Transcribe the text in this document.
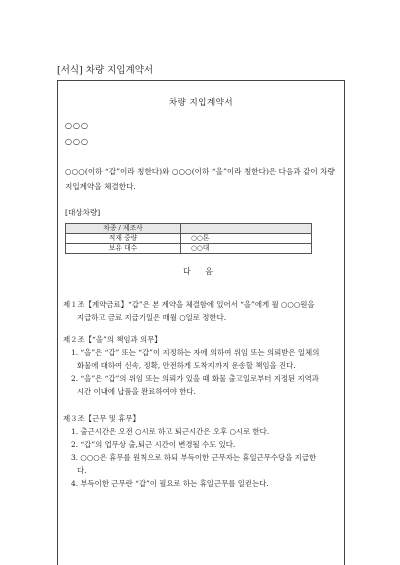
[서식] 차량 지입계약서
차량 지입계약서
○○○
○○○
○○○(이하 “갑”이라 칭한다)와 ○○○(이하 “을”이라 칭한다)은 다음과 같이 차량지입계약을 체결한다.
[대상차량]
차종 / 제조사	
적재 중량	○○톤
보유 대수	○○대
다 음
제１조【계약금료】“갑”은 본 계약을 체결함에 있어서 “을”에게 월 ○○○원을
지급하고 금료 지급기일은 매월 ○일로 정한다.
제２조【“을”의 책임과 의무】
1. “을”은 “갑” 또는 “갑”이 지정하는 자에 의하여 위임 또는 의뢰받은 일체의
화물에 대하여 신속, 정확, 안전하게 도착지까지 운송할 책임을 진다.
2. “을”은 “갑”의 위임 또는 의뢰가 있을 때 화물 출고일로부터 지정된 지역과
시간 이내에 납품을 완료하여야 한다.
제３조【근무 및 휴무】
1. 출근시간은 오전 ○시로 하고 퇴근시간은 오후 ○시로 한다.
2. “갑”의 업무상 출,퇴근 시간이 변경될 수도 있다.
3. ○○○은 휴무를 원칙으로 하되 부득이한 근무자는 휴일근무수당을 지급한
다.
4. 부득이한 근무란 “갑”이 필요로 하는 휴일근무를 일컫는다.
